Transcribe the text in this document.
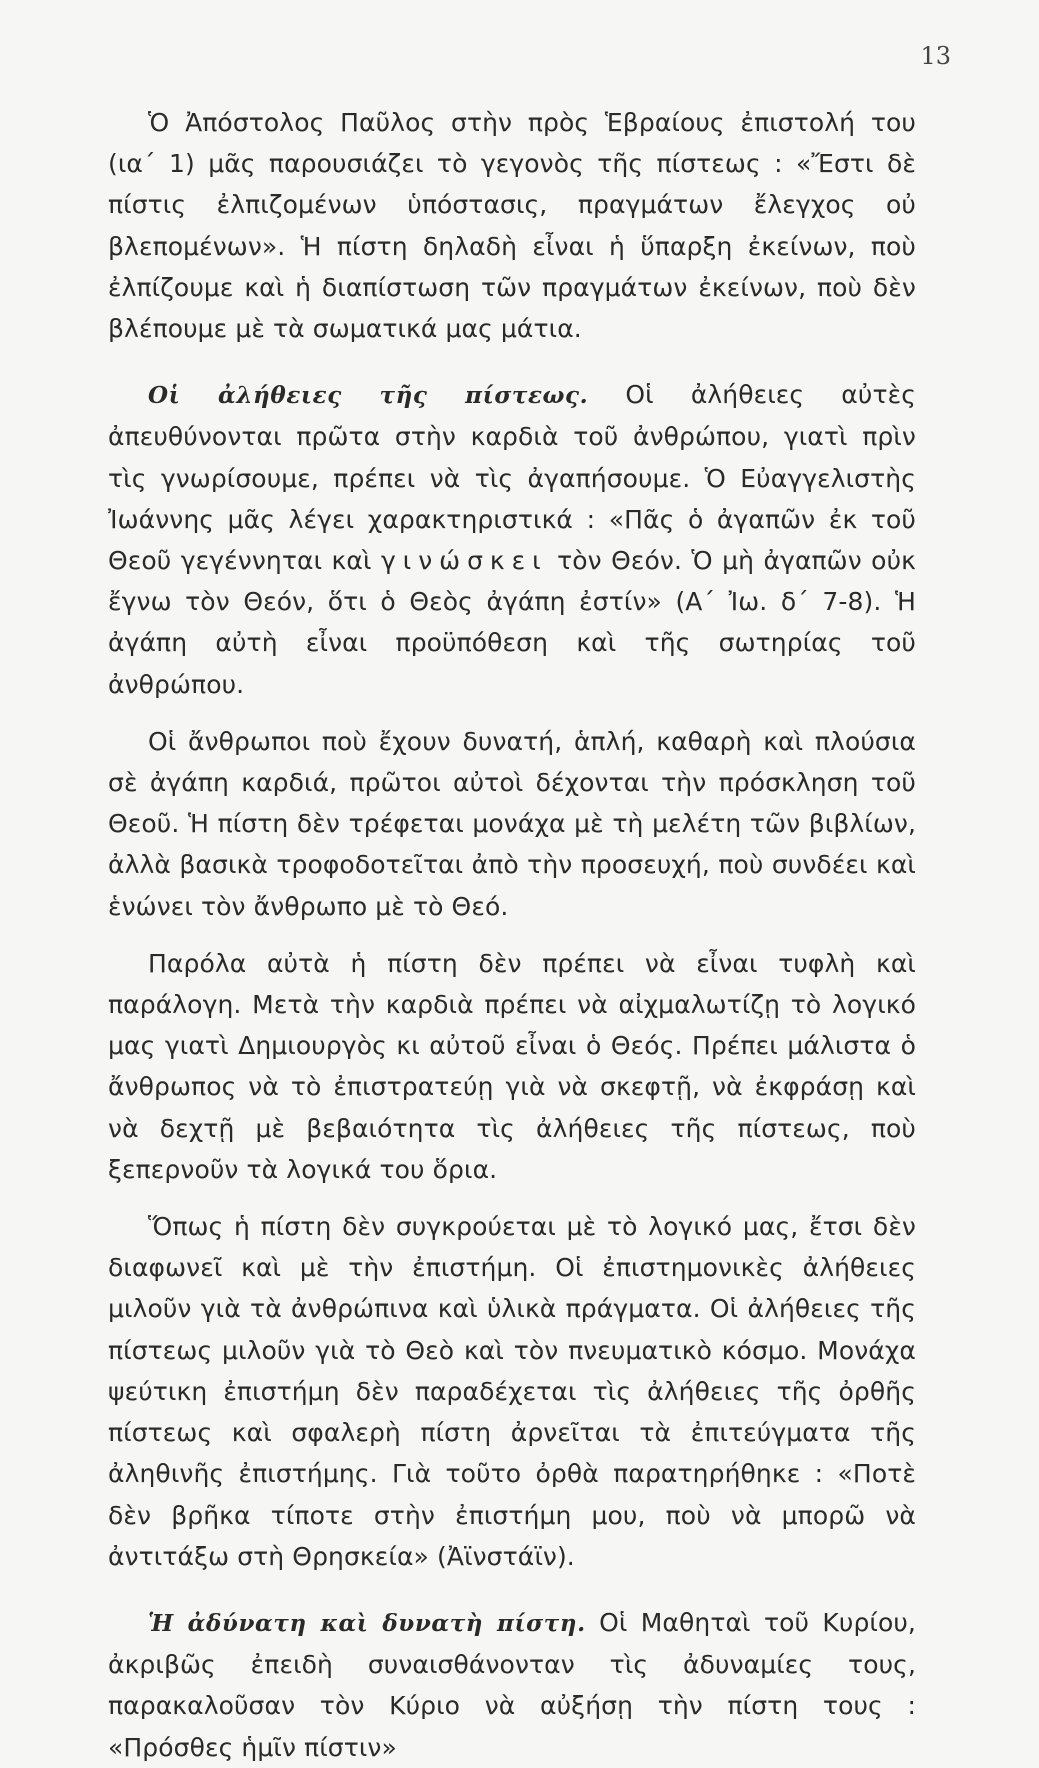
13

Ὁ Ἀπόστολος Παῦλος στὴν πρὸς Ἑβραίους ἐπιστολή του (ια΄ 1) μᾶς παρουσιάζει τὸ γεγονὸς τῆς πίστεως : «Ἔστι δὲ πίστις ἐλπιζομένων ὑπόστασις, πραγμάτων ἔλεγχος οὐ βλεπομένων». Ἡ πίστη δηλαδὴ εἶναι ἡ ὕπαρξη ἐκείνων, ποὺ ἐλπίζουμε καὶ ἡ διαπίστωση τῶν πραγμάτων ἐκείνων, ποὺ δὲν βλέπουμε μὲ τὰ σωματικά μας μάτια.

Οἱ ἀλήθειες τῆς πίστεως. Οἱ ἀλήθειες αὐτὲς ἀπευθύνονται πρῶτα στὴν καρδιὰ τοῦ ἀνθρώπου, γιατὶ πρὶν τὶς γνωρίσουμε, πρέπει νὰ τὶς ἀγαπήσουμε. Ὁ Εὐαγγελιστὴς Ἰωάννης μᾶς λέγει χαρακτηριστικά : «Πᾶς ὁ ἀγαπῶν ἐκ τοῦ Θεοῦ γεγέννηται καὶ γινώσκει τὸν Θεόν. Ὁ μὴ ἀγαπῶν οὐκ ἔγνω τὸν Θεόν, ὅτι ὁ Θεὸς ἀγάπη ἐστίν» (Α΄ Ἰω. δ΄ 7-8). Ἡ ἀγάπη αὐτὴ εἶναι προϋπόθεση καὶ τῆς σωτηρίας τοῦ ἀνθρώπου.

Οἱ ἄνθρωποι ποὺ ἔχουν δυνατή, ἁπλή, καθαρὴ καὶ πλούσια σὲ ἀγάπη καρδιά, πρῶτοι αὐτοὶ δέχονται τὴν πρόσκληση τοῦ Θεοῦ. Ἡ πίστη δὲν τρέφεται μονάχα μὲ τὴ μελέτη τῶν βιβλίων, ἀλλὰ βασικὰ τροφοδοτεῖται ἀπὸ τὴν προσευχή, ποὺ συνδέει καὶ ἑνώνει τὸν ἄνθρωπο μὲ τὸ Θεό.

Παρόλα αὐτὰ ἡ πίστη δὲν πρέπει νὰ εἶναι τυφλὴ καὶ παράλογη. Μετὰ τὴν καρδιὰ πρέπει νὰ αἰχμαλωτίζῃ τὸ λογικό μας γιατὶ Δημιουργὸς κι αὐτοῦ εἶναι ὁ Θεός. Πρέπει μάλιστα ὁ ἄνθρωπος νὰ τὸ ἐπιστρατεύῃ γιὰ νὰ σκεφτῇ, νὰ ἐκφράσῃ καὶ νὰ δεχτῇ μὲ βεβαιότητα τὶς ἀλήθειες τῆς πίστεως, ποὺ ξεπερνοῦν τὰ λογικά του ὅρια.

Ὅπως ἡ πίστη δὲν συγκρούεται μὲ τὸ λογικό μας, ἔτσι δὲν διαφωνεῖ καὶ μὲ τὴν ἐπιστήμη. Οἱ ἐπιστημονικὲς ἀλήθειες μιλοῦν γιὰ τὰ ἀνθρώπινα καὶ ὑλικὰ πράγματα. Οἱ ἀλήθειες τῆς πίστεως μιλοῦν γιὰ τὸ Θεὸ καὶ τὸν πνευματικὸ κόσμο. Μονάχα ψεύτικη ἐπιστήμη δὲν παραδέχεται τὶς ἀλήθειες τῆς ὀρθῆς πίστεως καὶ σφαλερὴ πίστη ἀρνεῖται τὰ ἐπιτεύγματα τῆς ἀληθινῆς ἐπιστήμης. Γιὰ τοῦτο ὀρθὰ παρατηρήθηκε : «Ποτὲ δὲν βρῆκα τίποτε στὴν ἐπιστήμη μου, ποὺ νὰ μπορῶ νὰ ἀντιτάξω στὴ Θρησκεία» (Ἀϊνστάϊν).

Ἡ ἀδύνατη καὶ δυνατὴ πίστη. Οἱ Μαθηταὶ τοῦ Κυρίου, ἀκριβῶς ἐπειδὴ συναισθάνονταν τὶς ἀδυναμίες τους, παρακαλοῦσαν τὸν Κύριο νὰ αὐξήσῃ τὴν πίστη τους : «Πρόσθες ἡμῖν πίστιν»
